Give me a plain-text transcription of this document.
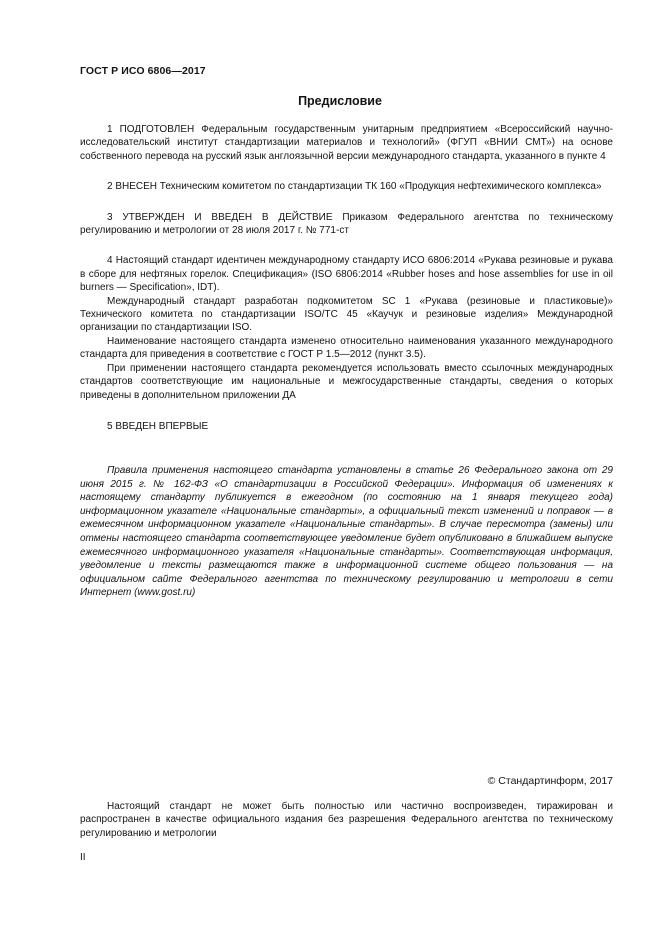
ГОСТ Р ИСО 6806—2017
Предисловие

1 ПОДГОТОВЛЕН Федеральным государственным унитарным предприятием «Всероссийский научно-исследовательский институт стандартизации материалов и технологий» (ФГУП «ВНИИ СМТ») на основе собственного перевода на русский язык англоязычной версии международного стандарта, указанного в пункте 4

2 ВНЕСЕН Техническим комитетом по стандартизации ТК 160 «Продукция нефтехимического комплекса»

3 УТВЕРЖДЕН И ВВЕДЕН В ДЕЙСТВИЕ Приказом Федерального агентства по техническому регулированию и метрологии от 28 июля 2017 г. № 771-ст

4 Настоящий стандарт идентичен международному стандарту ИСО 6806:2014 «Рукава резиновые и рукава в сборе для нефтяных горелок. Спецификация» (ISO 6806:2014 «Rubber hoses and hose assemblies for use in oil burners — Specification», IDT).

Международный стандарт разработан подкомитетом SC 1 «Рукава (резиновые и пластиковые)» Технического комитета по стандартизации ISO/TC 45 «Каучук и резиновые изделия» Международной организации по стандартизации ISO.

Наименование настоящего стандарта изменено относительно наименования указанного международного стандарта для приведения в соответствие с ГОСТ Р 1.5—2012 (пункт 3.5).

При применении настоящего стандарта рекомендуется использовать вместо ссылочных международных стандартов соответствующие им национальные и межгосударственные стандарты, сведения о которых приведены в дополнительном приложении ДА

5 ВВЕДЕН ВПЕРВЫЕ

Правила применения настоящего стандарта установлены в статье 26 Федерального закона от 29 июня 2015 г. № 162-ФЗ «О стандартизации в Российской Федерации». Информация об изменениях к настоящему стандарту публикуется в ежегодном (по состоянию на 1 января текущего года) информационном указателе «Национальные стандарты», а официальный текст изменений и поправок — в ежемесячном информационном указателе «Национальные стандарты». В случае пересмотра (замены) или отмены настоящего стандарта соответствующее уведомление будет опубликовано в ближайшем выпуске ежемесячного информационного указателя «Национальные стандарты». Соответствующая информация, уведомление и тексты размещаются также в информационной системе общего пользования — на официальном сайте Федерального агентства по техническому регулированию и метрологии в сети Интернет (www.gost.ru)

© Стандартинформ, 2017

Настоящий стандарт не может быть полностью или частично воспроизведен, тиражирован и распространен в качестве официального издания без разрешения Федерального агентства по техническому регулированию и метрологии

II
